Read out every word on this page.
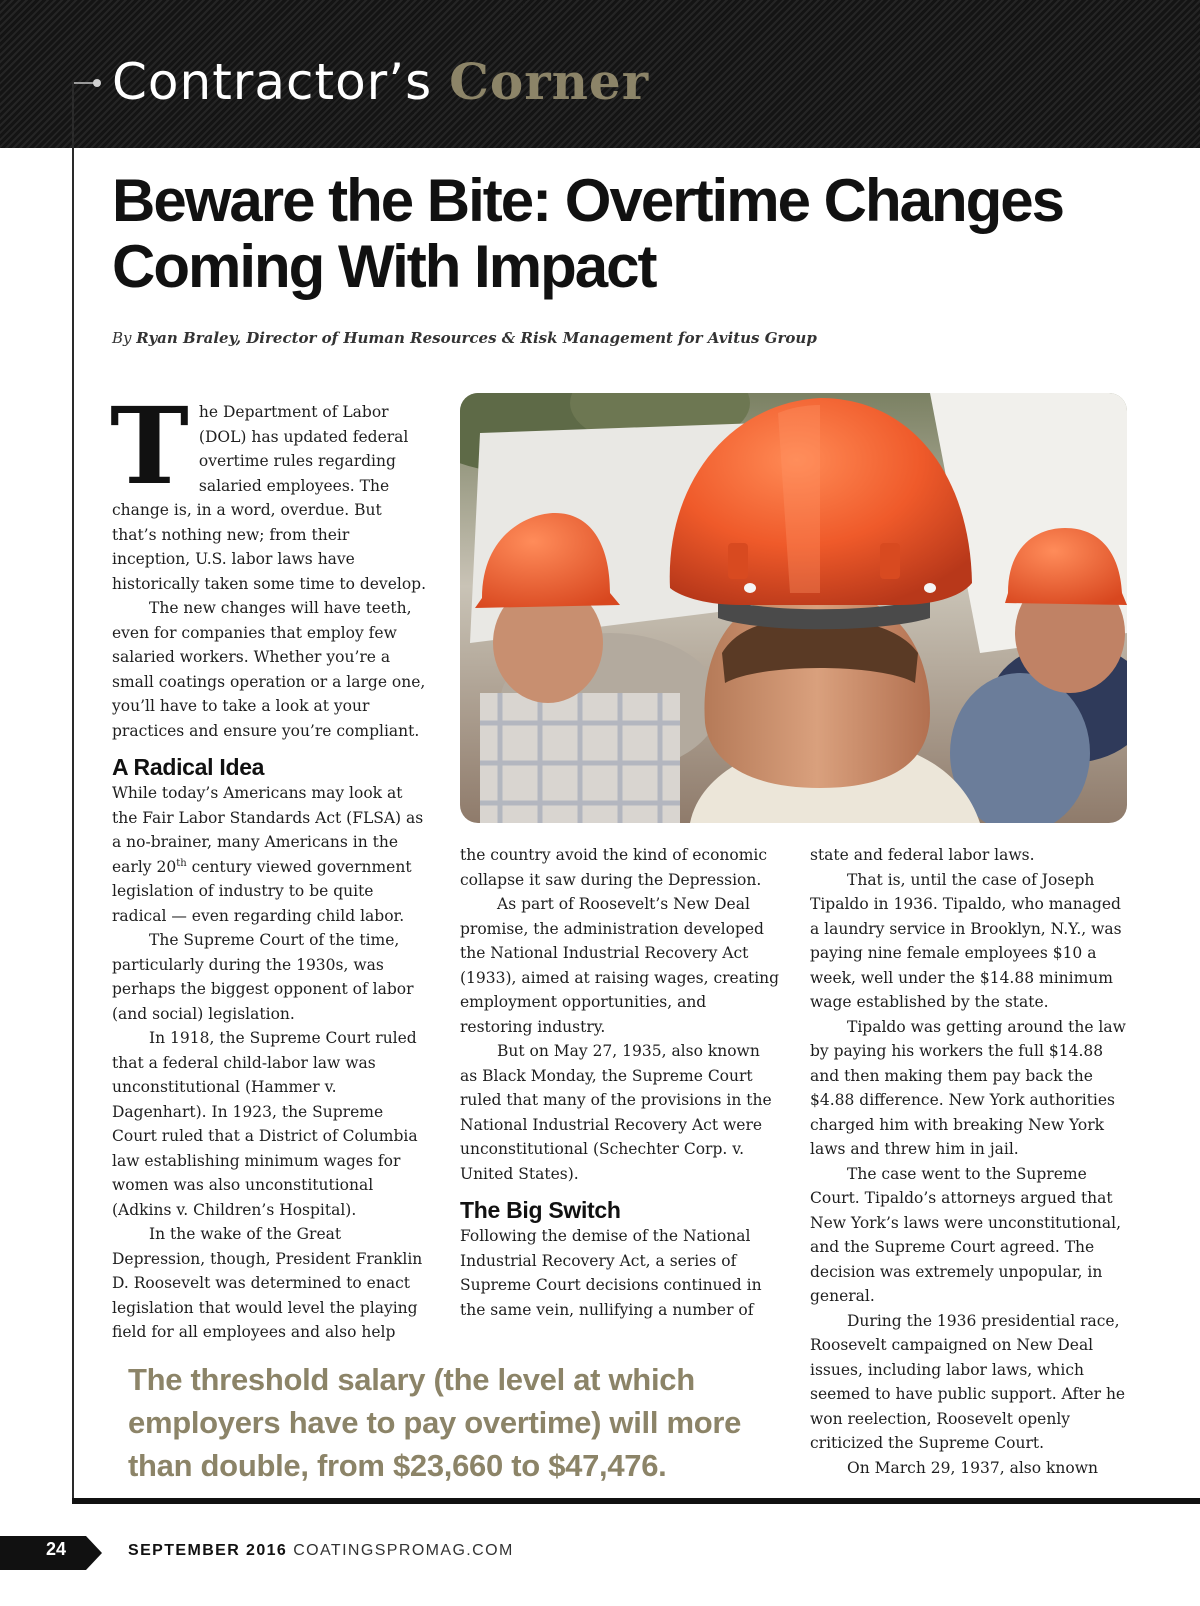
Contractor’s Corner
Beware the Bite: Overtime Changes Coming With Impact
By Ryan Braley, Director of Human Resources & Risk Management for Avitus Group

The Department of Labor (DOL) has updated federal overtime rules regarding salaried employees. The change is, in a word, overdue. But that’s nothing new; from their inception, U.S. labor laws have historically taken some time to develop.

The new changes will have teeth, even for companies that employ few salaried workers. Whether you’re a small coatings operation or a large one, you’ll have to take a look at your practices and ensure you’re compliant.

A Radical Idea

While today’s Americans may look at the Fair Labor Standards Act (FLSA) as a no-brainer, many Americans in the early 20th century viewed government legislation of industry to be quite radical — even regarding child labor.

The Supreme Court of the time, particularly during the 1930s, was perhaps the biggest opponent of labor (and social) legislation.

In 1918, the Supreme Court ruled that a federal child-labor law was unconstitutional (Hammer v. Dagenhart). In 1923, the Supreme Court ruled that a District of Columbia law establishing minimum wages for women was also unconstitutional (Adkins v. Children’s Hospital).

In the wake of the Great Depression, though, President Franklin D. Roosevelt was determined to enact legislation that would level the playing field for all employees and also help

the country avoid the kind of economic collapse it saw during the Depression.

As part of Roosevelt’s New Deal promise, the administration developed the National Industrial Recovery Act (1933), aimed at raising wages, creating employment opportunities, and restoring industry.

But on May 27, 1935, also known as Black Monday, the Supreme Court ruled that many of the provisions in the National Industrial Recovery Act were unconstitutional (Schechter Corp. v. United States).

The Big Switch

Following the demise of the National Industrial Recovery Act, a series of Supreme Court decisions continued in the same vein, nullifying a number of

state and federal labor laws.

That is, until the case of Joseph Tipaldo in 1936. Tipaldo, who managed a laundry service in Brooklyn, N.Y., was paying nine female employees $10 a week, well under the $14.88 minimum wage established by the state.

Tipaldo was getting around the law by paying his workers the full $14.88 and then making them pay back the $4.88 difference. New York authorities charged him with breaking New York laws and threw him in jail.

The case went to the Supreme Court. Tipaldo’s attorneys argued that New York’s laws were unconstitutional, and the Supreme Court agreed. The decision was extremely unpopular, in general.

During the 1936 presidential race, Roosevelt campaigned on New Deal issues, including labor laws, which seemed to have public support. After he won reelection, Roosevelt openly criticized the Supreme Court.

On March 29, 1937, also known

The threshold salary (the level at which employers have to pay overtime) will more than double, from $23,660 to $47,476.
24	SEPTEMBER 2016 COATINGSPROMAG.COM
